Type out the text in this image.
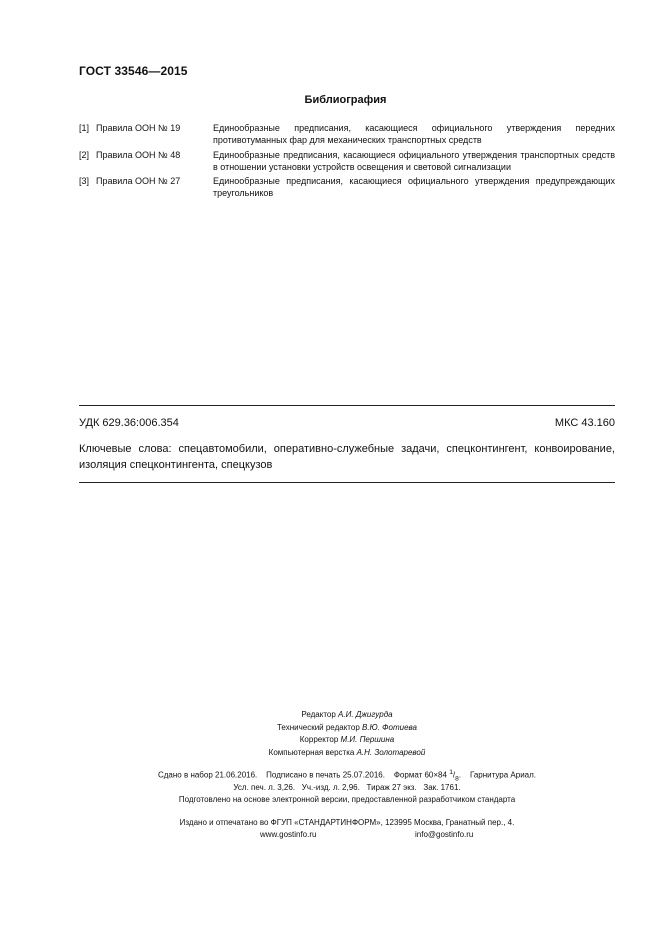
ГОСТ 33546—2015
Библиография
[1] Правила ООН № 19	Единообразные предписания, касающиеся официального утверждения передних противотуманных фар для механических транспортных средств
[2] Правила ООН № 48	Единообразные предписания, касающиеся официального утверждения транспортных средств в отношении установки устройств освещения и световой сигнализации
[3] Правила ООН № 27	Единообразные предписания, касающиеся официального утверждения предупреждающих треугольников
УДК 629.36:006.354	МКС 43.160
Ключевые слова: спецавтомобили, оперативно-служебные задачи, спецконтингент, конвоирование, изоляция спецконтингента, спецкузов
Редактор А.И. Джигурда
Технический редактор В.Ю. Фотиева
Корректор М.И. Першина
Компьютерная верстка А.Н. Золотаревой
Сдано в набор 21.06.2016. Подписано в печать 25.07.2016. Формат 60×84 $^1/_8$.    Гарнитура Ариал.
Усл. печ. л. 3,26. Уч.-изд. л. 2,96. Тираж 27 экз. Зак. 1761.
Подготовлено на основе электронной версии, предоставленной разработчиком стандарта
Издано и отпечатано во ФГУП «СТАНДАРТИНФОРМ», 123995 Москва, Гранатный пер., 4.
www.gostinfo.ru	info@gostinfo.ru
